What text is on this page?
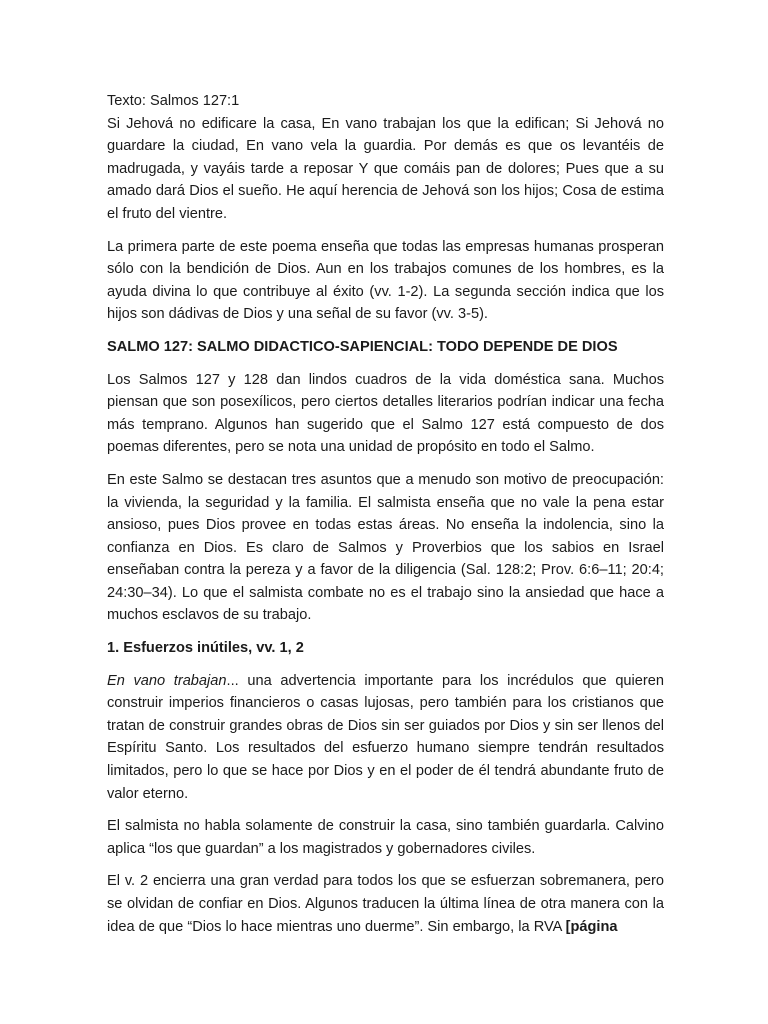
Texto: Salmos 127:1
Si Jehová no edificare la casa, En vano trabajan los que la edifican; Si Jehová no guardare la ciudad, En vano vela la guardia. Por demás es que os levantéis de madrugada, y vayáis tarde a reposar Y que comáis pan de dolores; Pues que a su amado dará Dios el sueño. He aquí herencia de Jehová son los hijos; Cosa de estima el fruto del vientre.

La primera parte de este poema enseña que todas las empresas humanas prosperan sólo con la bendición de Dios. Aun en los trabajos comunes de los hombres, es la ayuda divina lo que contribuye al éxito (vv. 1-2). La segunda sección indica que los hijos son dádivas de Dios y una señal de su favor (vv. 3-5).

SALMO 127: SALMO DIDACTICO-SAPIENCIAL: TODO DEPENDE DE DIOS

Los Salmos 127 y 128 dan lindos cuadros de la vida doméstica sana. Muchos piensan que son posexílicos, pero ciertos detalles literarios podrían indicar una fecha más temprano. Algunos han sugerido que el Salmo 127 está compuesto de dos poemas diferentes, pero se nota una unidad de propósito en todo el Salmo.

En este Salmo se destacan tres asuntos que a menudo son motivo de preocupación: la vivienda, la seguridad y la familia. El salmista enseña que no vale la pena estar ansioso, pues Dios provee en todas estas áreas. No enseña la indolencia, sino la confianza en Dios. Es claro de Salmos y Proverbios que los sabios en Israel enseñaban contra la pereza y a favor de la diligencia (Sal. 128:2; Prov. 6:6–11; 20:4; 24:30–34). Lo que el salmista combate no es el trabajo sino la ansiedad que hace a muchos esclavos de su trabajo.

1. Esfuerzos inútiles, vv. 1, 2

En vano trabajan... una advertencia importante para los incrédulos que quieren construir imperios financieros o casas lujosas, pero también para los cristianos que tratan de construir grandes obras de Dios sin ser guiados por Dios y sin ser llenos del Espíritu Santo. Los resultados del esfuerzo humano siempre tendrán resultados limitados, pero lo que se hace por Dios y en el poder de él tendrá abundante fruto de valor eterno.

El salmista no habla solamente de construir la casa, sino también guardarla. Calvino aplica “los que guardan” a los magistrados y gobernadores civiles.

El v. 2 encierra una gran verdad para todos los que se esfuerzan sobremanera, pero se olvidan de confiar en Dios. Algunos traducen la última línea de otra manera con la idea de que “Dios lo hace mientras uno duerme”. Sin embargo, la RVA [página
